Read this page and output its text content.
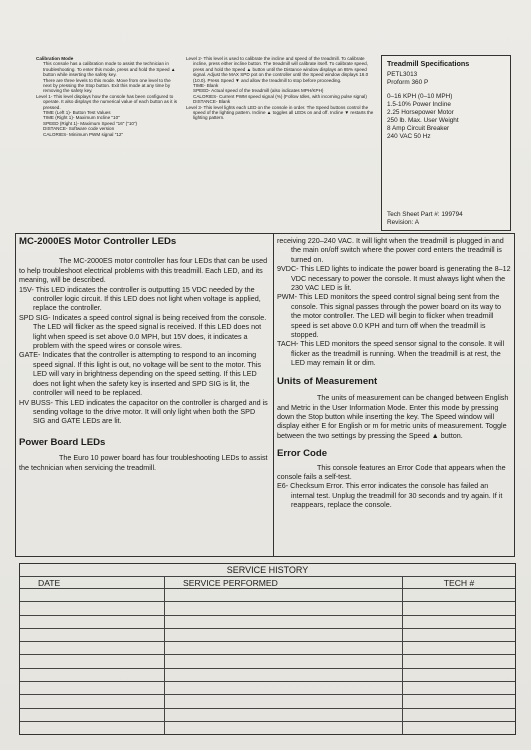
Calibration Mode

This console has a calibration mode to assist the technician in troubleshooting. To enter this mode, press and hold the Speed ▲ button while inserting the safety key.

There are three levels to this mode. Move from one level to the next by pressing the Stop button. Exit this mode at any time by removing the safety key.

Level 1- This level displays how the console has been configured to operate. It also displays the numerical value of each button as it is pressed.

TIME (Left 1)- Button Test Values

TIME (Right 1)- Maximum Incline "10"

SPEED (Right 1)- Maximum Speed "16" ("10")

DISTANCE- Software code version

CALORIES- Minimum PWM signal "12"

Level 2- This level is used to calibrate the incline and speed of the treadmill. To calibrate incline, press either incline button. The treadmill will calibrate itself. To calibrate speed, press and hold the Speed ▲ button until the Distance window displays an 85% speed signal. Adjust the MAX SPD pot on the controller until the Speed window displays 16.0 (10.0). Press Speed ▼ and allow the treadmill to stop before proceeding.

TIME- Blank

SPEED- Actual speed of the treadmill (also indicates MPH/KPH)

CALORIES- Current PWM speed signal (%) (Follow Idles, with incoming pulse signal)

DISTANCE- Blank

Level 3- This level lights each LED on the console in order. The Speed buttons control the speed of the lighting pattern. Incline ▲ toggles all LEDs on and off. Incline ▼ restarts the lighting pattern.

Treadmill Specifications

PETL3013

Proform 360 P

0–16 KPH (0–10 MPH)

1.5-10% Power Incline

2.25 Horsepower Motor

250 lb. Max. User Weight

8 Amp Circuit Breaker

240 VAC 50 Hz

Tech Sheet Part #: 199794

Revision: A

MC-2000ES Motor Controller LEDs

The MC-2000ES motor controller has four LEDs that can be used to help troubleshoot electrical problems with this treadmill. Each LED, and its meaning, will be described.

15V- This LED indicates the controller is outputting 15 VDC needed by the controller logic circuit. If this LED does not light when voltage is applied, replace the controller.

SPD SIG- Indicates a speed control signal is being received from the console. The LED will flicker as the speed signal is received. If this LED does not light when speed is set above 0.0 MPH, but 15V does, it indicates a problem with the speed wires or console wires.

GATE- Indicates that the controller is attempting to respond to an incoming speed signal. If this light is out, no voltage will be sent to the motor. This LED will vary in brightness depending on the speed setting. If this LED does not light when the safety key is inserted and SPD SIG is lit, the controller will need to be replaced.

HV BUSS- This LED indicates the capacitor on the controller is charged and is sending voltage to the drive motor. It will only light when both the SPD SIG and GATE LEDs are lit.

Power Board LEDs

The Euro 10 power board has four troubleshooting LEDs to assist the technician when servicing the treadmill.

receiving 220–240 VAC. It will light when the treadmill is plugged in and the main on/off switch where the power cord enters the treadmill is turned on.

9VDC- This LED lights to indicate the power board is generating the 8–12 VDC necessary to power the console. It must always light when the 230 VAC LED is lit.

PWM- This LED monitors the speed control signal being sent from the console. This signal passes through the power board on its way to the motor controller. The LED will begin to flicker when treadmill speed is set above 0.0 KPH and turn off when the treadmill is stopped.

TACH- This LED monitors the speed sensor signal to the console. It will flicker as the treadmill is running. When the treadmill is at rest, the LED may remain lit or dim.

Units of Measurement

The units of measurement can be changed between English and Metric in the User Information Mode. Enter this mode by pressing down the Stop button while inserting the key. The Speed window will display either E for English or m for metric units of measurement. Toggle between the two settings by pressing the Speed ▲ button.

Error Code

This console features an Error Code that appears when the console fails a self-test.

E6- Checksum Error. This error indicates the console has failed an internal test. Unplug the treadmill for 30 seconds and try again. If it reappears, replace the console.

SERVICE HISTORY
DATE	SERVICE PERFORMED	TECH #
